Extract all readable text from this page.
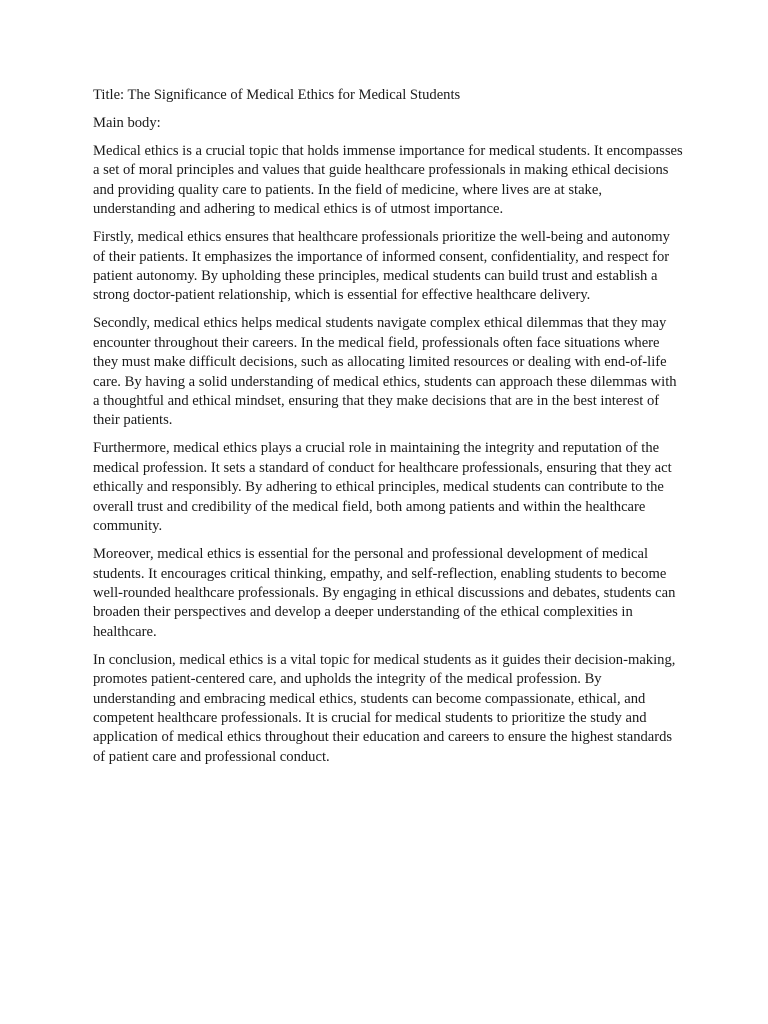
Title: The Significance of Medical Ethics for Medical Students

Main body:

Medical ethics is a crucial topic that holds immense importance for medical students. It encompasses a set of moral principles and values that guide healthcare professionals in making ethical decisions and providing quality care to patients. In the field of medicine, where lives are at stake, understanding and adhering to medical ethics is of utmost importance.

Firstly, medical ethics ensures that healthcare professionals prioritize the well-being and autonomy of their patients. It emphasizes the importance of informed consent, confidentiality, and respect for patient autonomy. By upholding these principles, medical students can build trust and establish a strong doctor-patient relationship, which is essential for effective healthcare delivery.

Secondly, medical ethics helps medical students navigate complex ethical dilemmas that they may encounter throughout their careers. In the medical field, professionals often face situations where they must make difficult decisions, such as allocating limited resources or dealing with end-of-life care. By having a solid understanding of medical ethics, students can approach these dilemmas with a thoughtful and ethical mindset, ensuring that they make decisions that are in the best interest of their patients.

Furthermore, medical ethics plays a crucial role in maintaining the integrity and reputation of the medical profession. It sets a standard of conduct for healthcare professionals, ensuring that they act ethically and responsibly. By adhering to ethical principles, medical students can contribute to the overall trust and credibility of the medical field, both among patients and within the healthcare community.

Moreover, medical ethics is essential for the personal and professional development of medical students. It encourages critical thinking, empathy, and self-reflection, enabling students to become well-rounded healthcare professionals. By engaging in ethical discussions and debates, students can broaden their perspectives and develop a deeper understanding of the ethical complexities in healthcare.

In conclusion, medical ethics is a vital topic for medical students as it guides their decision-making, promotes patient-centered care, and upholds the integrity of the medical profession. By understanding and embracing medical ethics, students can become compassionate, ethical, and competent healthcare professionals. It is crucial for medical students to prioritize the study and application of medical ethics throughout their education and careers to ensure the highest standards of patient care and professional conduct.
